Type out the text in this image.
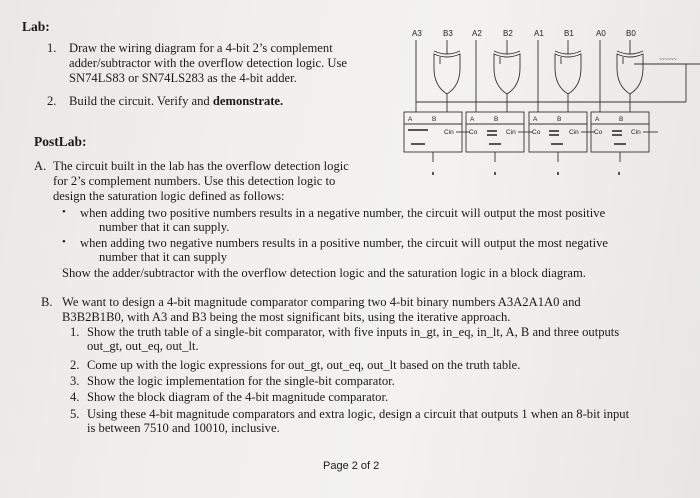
Lab:
1. Draw the wiring diagram for a 4-bit 2’s complement
adder/subtractor with the overflow detection logic. Use
SN74LS83 or SN74LS283 as the 4-bit adder.
2. Build the circuit. Verify and demonstrate.
A3	B3 A2	B2	A1	B1	A0	B0
A	B
Cin
A	B
Co	Cin
A	B
Co	Cin
A	B
Co	Cin
~~~~~~
PostLab:
A. The circuit built in the lab has the overflow detection logic
for 2’s complement numbers. Use this detection logic to
design the saturation logic defined as follows:
• when adding two positive numbers results in a negative number, the circuit will output the most positive
number that it can supply.
• when adding two negative numbers results in a positive number, the circuit will output the most negative
number that it can supply
Show the adder/subtractor with the overflow detection logic and the saturation logic in a block diagram.
B. We want to design a 4-bit magnitude comparator comparing two 4-bit binary numbers A3A2A1A0 and
B3B2B1B0, with A3 and B3 being the most significant bits, using the iterative approach.
1. Show the truth table of a single-bit comparator, with five inputs in_gt, in_eq, in_lt, A, B and three outputs
out_gt, out_eq, out_lt.
2. Come up with the logic expressions for out_gt, out_eq, out_lt based on the truth table.
3. Show the logic implementation for the single-bit comparator.
4. Show the block diagram of the 4-bit magnitude comparator.
5. Using these 4-bit magnitude comparators and extra logic, design a circuit that outputs 1 when an 8-bit input
is between 7510 and 10010, inclusive.
Page 2 of 2
